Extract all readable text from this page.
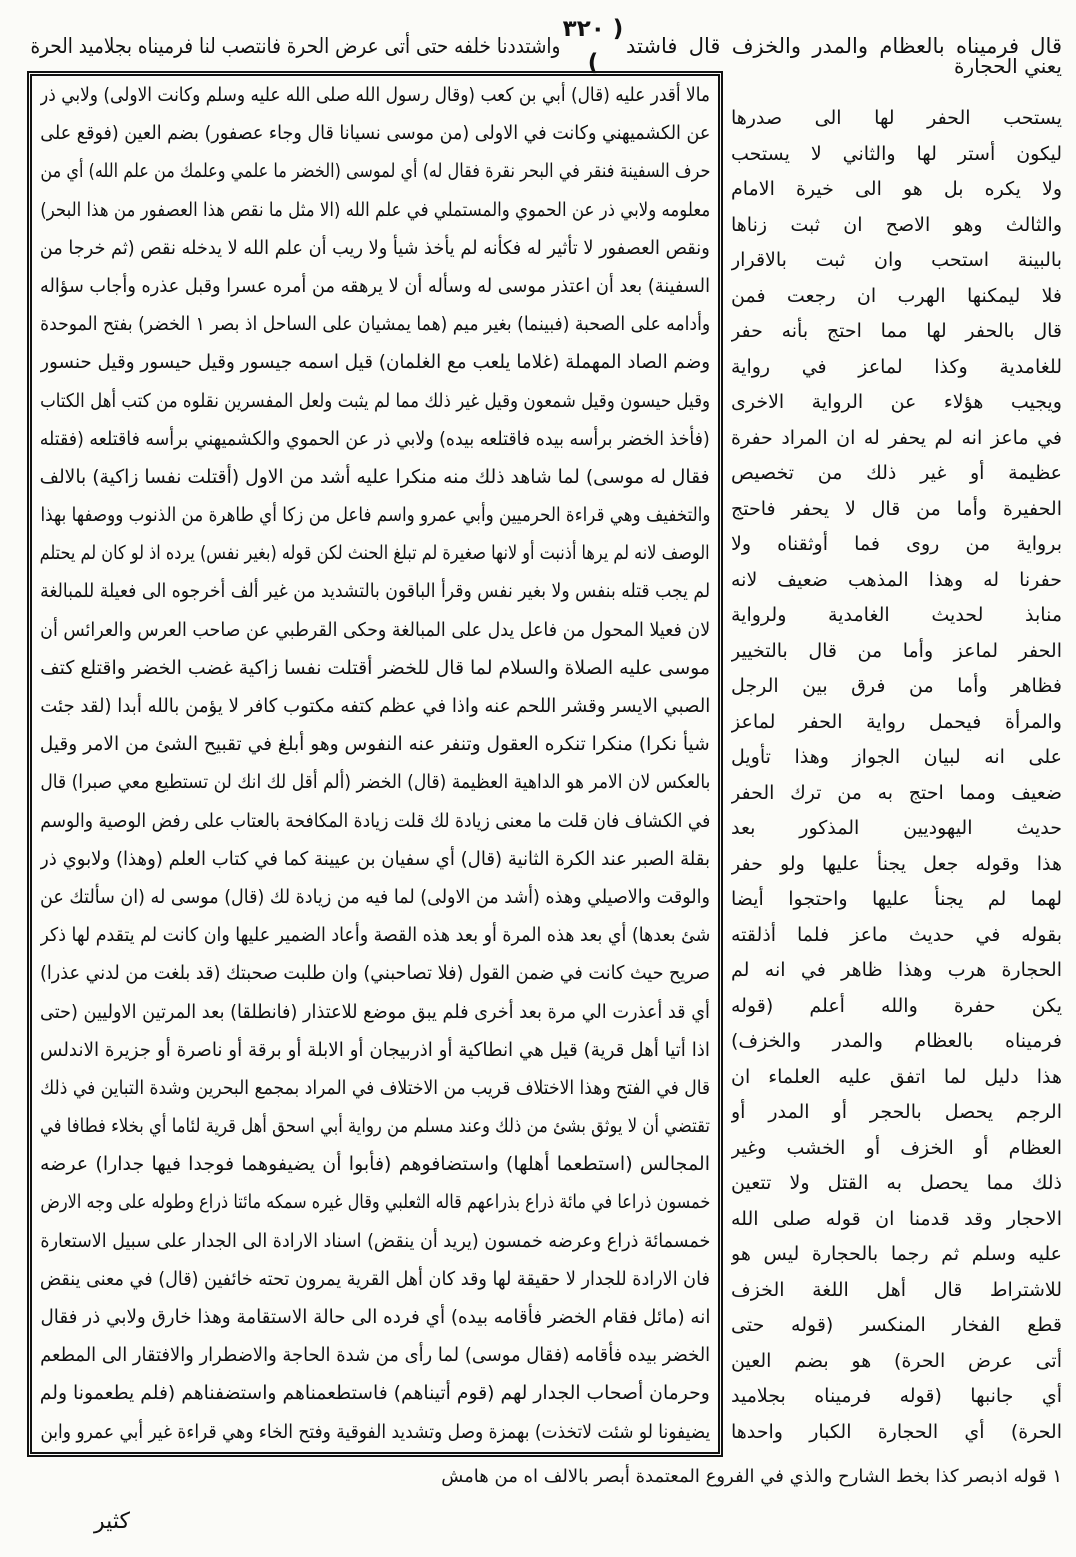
قال فرميناه بالعظام والمدر والخزف قال فاشتد
( ٣٢٠ )
واشتددنا خلفه حتى أتى عرض الحرة فانتصب لنا فرميناه بجلاميد الحرة
يعني الحجارة
مالا أقدر عليه (قال) أبي بن كعب (وقال رسول الله صلى الله عليه وسلم وكانت الاولى) ولابي ذر
عن الكشميهني وكانت في الاولى (من موسى نسيانا قال وجاء عصفور) بضم العين (فوقع على
حرف السفينة فنقر في البحر نقرة فقال له) أي لموسى (الخضر ما علمي وعلمك من علم الله) أي من
معلومه ولابي ذر عن الحموي والمستملي في علم الله (الا مثل ما نقص هذا العصفور من هذا البحر)
ونقص العصفور لا تأثير له فكأنه لم يأخذ شيأ ولا ريب أن علم الله لا يدخله نقص (ثم خرجا من
السفينة) بعد أن اعتذر موسى له وسأله أن لا يرهقه من أمره عسرا وقبل عذره وأجاب سؤاله
وأدامه على الصحبة (فبينما) بغير ميم (هما يمشيان على الساحل اذ بصر ١ الخضر) بفتح الموحدة
وضم الصاد المهملة (غلاما يلعب مع الغلمان) قيل اسمه جيسور وقيل حيسور وقيل حنسور
وقيل حيسون وقيل شمعون وقيل غير ذلك مما لم يثبت ولعل المفسرين نقلوه من كتب أهل الكتاب
(فأخذ الخضر برأسه بيده فاقتلعه بيده) ولابي ذر عن الحموي والكشميهني برأسه فاقتلعه (فقتله
فقال له موسى) لما شاهد ذلك منه منكرا عليه أشد من الاول (أقتلت نفسا زاكية) بالالف
والتخفيف وهي قراءة الحرميين وأبي عمرو واسم فاعل من زكا أي طاهرة من الذنوب ووصفها بهذا
الوصف لانه لم يرها أذنبت أو لانها صغيرة لم تبلغ الحنث لكن قوله (بغير نفس) يرده اذ لو كان لم يحتلم
لم يجب قتله بنفس ولا بغير نفس وقرأ الباقون بالتشديد من غير ألف أخرجوه الى فعيلة للمبالغة
لان فعيلا المحول من فاعل يدل على المبالغة وحكى القرطبي عن صاحب العرس والعرائس أن
موسى عليه الصلاة والسلام لما قال للخضر أقتلت نفسا زاكية غضب الخضر واقتلع كتف
الصبي الايسر وقشر اللحم عنه واذا في عظم كتفه مكتوب كافر لا يؤمن بالله أبدا (لقد جئت
شيأ نكرا) منكرا تنكره العقول وتنفر عنه النفوس وهو أبلغ في تقبيح الشئ من الامر وقيل
بالعكس لان الامر هو الداهية العظيمة (قال) الخضر (ألم أقل لك انك لن تستطيع معي صبرا) قال
في الكشاف فان قلت ما معنى زيادة لك قلت زيادة المكافحة بالعتاب على رفض الوصية والوسم
بقلة الصبر عند الكرة الثانية (قال) أي سفيان بن عيينة كما في كتاب العلم (وهذا) ولابوي ذر
والوقت والاصيلي وهذه (أشد من الاولى) لما فيه من زيادة لك (قال) موسى له (ان سألتك عن
شئ بعدها) أي بعد هذه المرة أو بعد هذه القصة وأعاد الضمير عليها وان كانت لم يتقدم لها ذكر
صريح حيث كانت في ضمن القول (فلا تصاحبني) وان طلبت صحبتك (قد بلغت من لدني عذرا)
أي قد أعذرت الي مرة بعد أخرى فلم يبق موضع للاعتذار (فانطلقا) بعد المرتين الاوليين (حتى
اذا أتيا أهل قرية) قيل هي انطاكية أو اذربيجان أو الابلة أو برقة أو ناصرة أو جزيرة الاندلس
قال في الفتح وهذا الاختلاف قريب من الاختلاف في المراد بمجمع البحرين وشدة التباين في ذلك
تقتضي أن لا يوثق بشئ من ذلك وعند مسلم من رواية أبي اسحق أهل قرية لئاما أي بخلاء فطافا في
المجالس (استطعما أهلها) واستضافوهم (فأبوا أن يضيفوهما فوجدا فيها جدارا) عرضه
خمسون ذراعا في مائة ذراع بذراعهم قاله الثعلبي وقال غيره سمكه مائتا ذراع وطوله على وجه الارض
خمسمائة ذراع وعرضه خمسون (يريد أن ينقض) اسناد الارادة الى الجدار على سبيل الاستعارة
فان الارادة للجدار لا حقيقة لها وقد كان أهل القرية يمرون تحته خائفين (قال) في معنى ينقض
انه (مائل فقام الخضر فأقامه بيده) أي فرده الى حالة الاستقامة وهذا خارق ولابي ذر فقال
الخضر بيده فأقامه (فقال موسى) لما رأى من شدة الحاجة والاضطرار والافتقار الى المطعم
وحرمان أصحاب الجدار لهم (قوم أتيناهم) فاستطعمناهم واستضفناهم (فلم يطعمونا ولم
يضيفونا لو شئت لاتخذت) بهمزة وصل وتشديد الفوقية وفتح الخاء وهي قراءة غير أبي عمرو وابن
يستحب الحفر لها الى صدرها
ليكون أستر لها والثاني لا يستحب
ولا يكره بل هو الى خيرة الامام
والثالث وهو الاصح ان ثبت زناها
بالبينة استحب وان ثبت بالاقرار
فلا ليمكنها الهرب ان رجعت فمن
قال بالحفر لها مما احتج بأنه حفر
للغامدية وكذا لماعز في رواية
ويجيب هؤلاء عن الرواية الاخرى
في ماعز انه لم يحفر له ان المراد حفرة
عظيمة أو غير ذلك من تخصيص
الحفيرة وأما من قال لا يحفر فاحتج
برواية من روى فما أوثقناه ولا
حفرنا له وهذا المذهب ضعيف لانه
منابذ لحديث الغامدية ولرواية
الحفر لماعز وأما من قال بالتخيير
فظاهر وأما من فرق بين الرجل
والمرأة فيحمل رواية الحفر لماعز
على انه لبيان الجواز وهذا تأويل
ضعيف ومما احتج به من ترك الحفر
حديث اليهوديين المذكور بعد
هذا وقوله جعل يجنأ عليها ولو حفر
لهما لم يجنأ عليها واحتجوا أيضا
بقوله في حديث ماعز فلما أذلقته
الحجارة هرب وهذا ظاهر في انه لم
يكن حفرة والله أعلم (قوله
فرميناه بالعظام والمدر والخزف)
هذا دليل لما اتفق عليه العلماء ان
الرجم يحصل بالحجر أو المدر أو
العظام أو الخزف أو الخشب وغير
ذلك مما يحصل به القتل ولا تتعين
الاحجار وقد قدمنا ان قوله صلى الله
عليه وسلم ثم رجما بالحجارة ليس هو
للاشتراط قال أهل اللغة الخزف
قطع الفخار المنكسر (قوله حتى
أتى عرض الحرة) هو بضم العين
أي جانبها (قوله فرميناه بجلاميد
الحرة) أي الحجارة الكبار واحدها
١ قوله اذبصر كذا بخط الشارح والذي في الفروع المعتمدة أبصر بالالف اه من هامش
كثير
